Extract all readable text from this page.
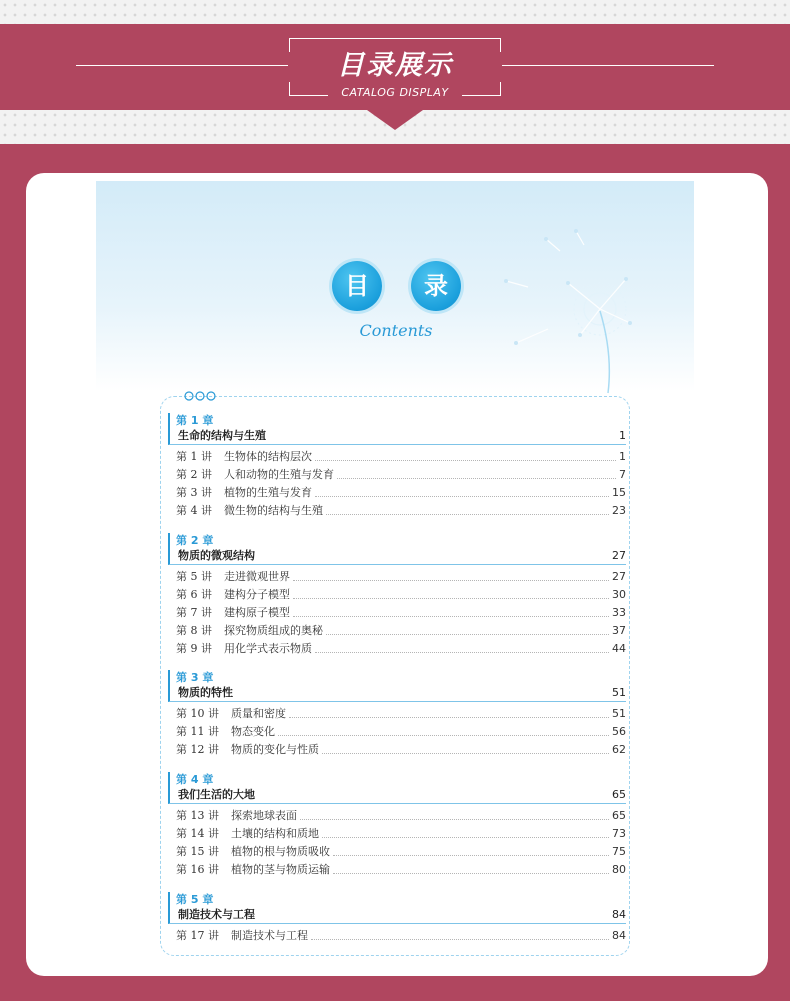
目录展示
CATALOG DISPLAY
目	录
Contents
第 1 章
生命的结构与生殖	1
第 1 讲 生物体的结构层次	1
第 2 讲 人和动物的生殖与发育	7
第 3 讲 植物的生殖与发育	15
第 4 讲 微生物的结构与生殖	23
第 2 章
物质的微观结构	27
第 5 讲 走进微观世界	27
第 6 讲 建构分子模型	30
第 7 讲 建构原子模型	33
第 8 讲 探究物质组成的奥秘	37
第 9 讲 用化学式表示物质	44
第 3 章
物质的特性	51
第 10 讲 质量和密度	51
第 11 讲 物态变化	56
第 12 讲 物质的变化与性质	62
第 4 章
我们生活的大地	65
第 13 讲 探索地球表面	65
第 14 讲 土壤的结构和质地	73
第 15 讲 植物的根与物质吸收	75
第 16 讲 植物的茎与物质运输	80
第 5 章
制造技术与工程	84
第 17 讲 制造技术与工程	84
